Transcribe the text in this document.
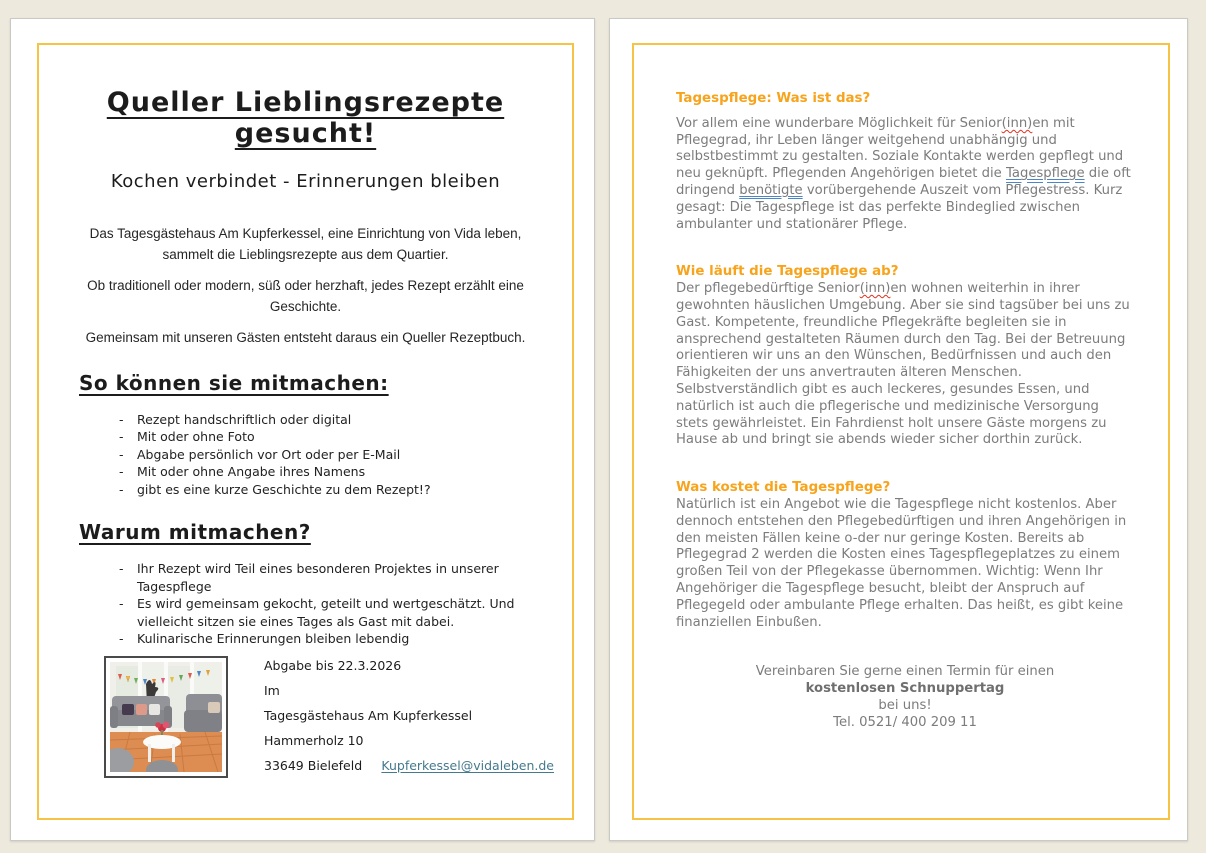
Queller Lieblingsrezepte gesucht!
Kochen verbindet - Erinnerungen bleiben

Das Tagesgästehaus Am Kupferkessel, eine Einrichtung von Vida leben, sammelt die Lieblingsrezepte aus dem Quartier.

Ob traditionell oder modern, süß oder herzhaft, jedes Rezept erzählt eine Geschichte.

Gemeinsam mit unseren Gästen entsteht daraus ein Queller Rezeptbuch.

So können sie mitmachen:
- Rezept handschriftlich oder digital
- Mit oder ohne Foto
- Abgabe persönlich vor Ort oder per E-Mail
- Mit oder ohne Angabe ihres Namens
- gibt es eine kurze Geschichte zu dem Rezept!?
Warum mitmachen?
- Ihr Rezept wird Teil eines besonderen Projektes in unserer Tagespflege
- Es wird gemeinsam gekocht, geteilt und wertgeschätzt. Und vielleicht sitzen sie eines Tages als Gast mit dabei.
- Kulinarische Erinnerungen bleiben lebendig
Abgabe bis 22.3.2026
Im
Tagesgästehaus Am Kupferkessel
Hammerholz 10
33649 Bielefeld Kupferkessel@vidaleben.de
Tagespflege: Was ist das?

Vor allem eine wunderbare Möglichkeit für Senior(inn)en mit Pflegegrad, ihr Leben länger weitgehend unabhängig und selbstbestimmt zu gestalten. Soziale Kontakte werden gepflegt und neu geknüpft. Pflegenden Angehörigen bietet die Tagespflege die oft dringend benötigte vorübergehende Auszeit vom Pflegestress. Kurz gesagt: Die Tagespflege ist das perfekte Bindeglied zwischen ambulanter und stationärer Pflege.

Wie läuft die Tagespflege ab?

Der pflegebedürftige Senior(inn)en wohnen weiterhin in ihrer gewohnten häuslichen Umgebung. Aber sie sind tagsüber bei uns zu Gast. Kompetente, freundliche Pflegekräfte begleiten sie in ansprechend gestalteten Räumen durch den Tag. Bei der Betreuung orientieren wir uns an den Wünschen, Bedürfnissen und auch den Fähigkeiten der uns anvertrauten älteren Menschen. Selbstverständlich gibt es auch leckeres, gesundes Essen, und natürlich ist auch die pflegerische und medizinische Versorgung stets gewährleistet. Ein Fahrdienst holt unsere Gäste morgens zu Hause ab und bringt sie abends wieder sicher dorthin zurück.

Was kostet die Tagespflege?

Natürlich ist ein Angebot wie die Tagespflege nicht kostenlos. Aber dennoch entstehen den Pflegebedürftigen und ihren Angehörigen in den meisten Fällen keine o-der nur geringe Kosten. Bereits ab Pflegegrad 2 werden die Kosten eines Tagespflegeplatzes zu einem großen Teil von der Pflegekasse übernommen. Wichtig: Wenn Ihr Angehöriger die Tagespflege besucht, bleibt der Anspruch auf Pflegegeld oder ambulante Pflege erhalten. Das heißt, es gibt keine finanziellen Einbußen.

Vereinbaren Sie gerne einen Termin für einen
kostenlosen Schnuppertag
bei uns!
Tel. 0521/ 400 209 11
